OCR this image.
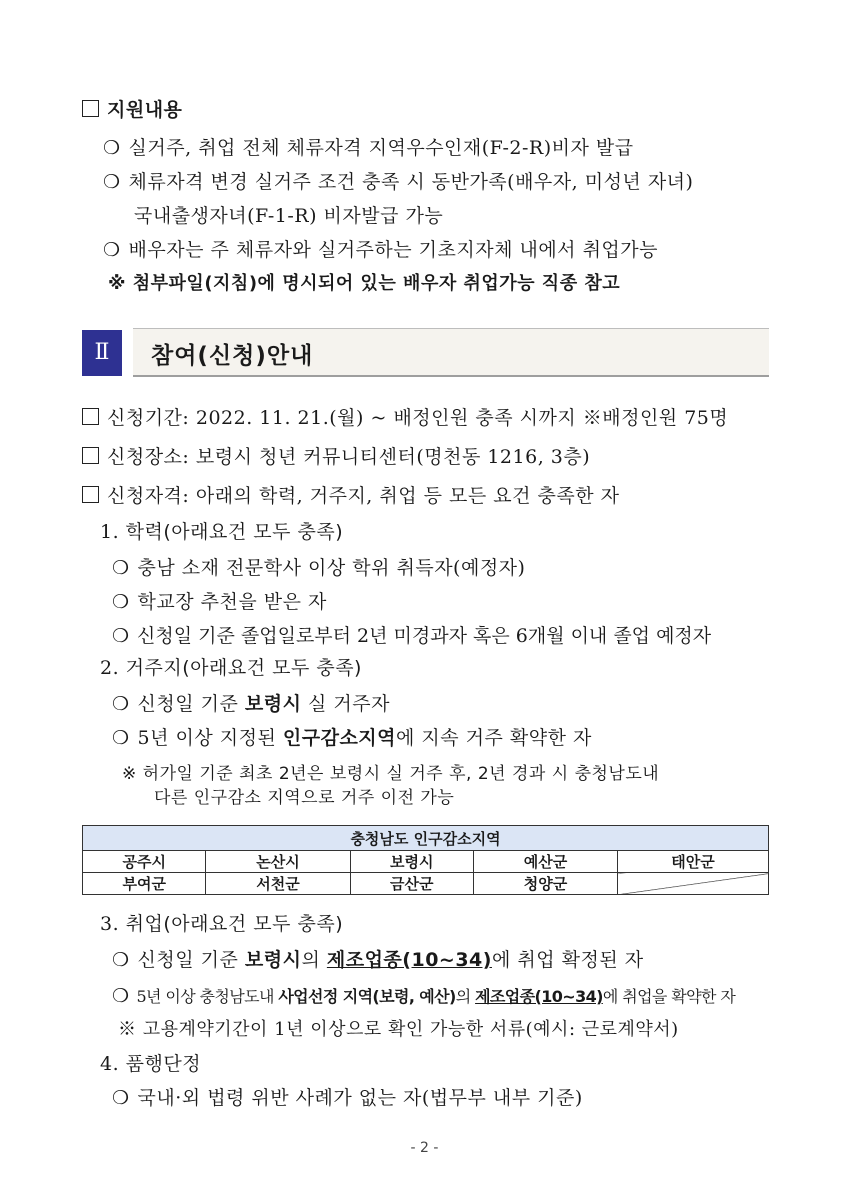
지원내용
❍ 실거주, 취업 전체 체류자격 지역우수인재(F-2-R)비자 발급
❍ 체류자격 변경 실거주 조건 충족 시 동반가족(배우자, 미성년 자녀)
국내출생자녀(F-1-R) 비자발급 가능
❍ 배우자는 주 체류자와 실거주하는 기초지자체 내에서 취업가능
※ 첨부파일(지침)에 명시되어 있는 배우자 취업가능 직종 참고
Ⅱ	참여(신청)안내
신청기간: 2022. 11. 21.(월) ~ 배정인원 충족 시까지 ※배정인원 75명
신청장소: 보령시 청년 커뮤니티센터(명천동 1216, 3층)
신청자격: 아래의 학력, 거주지, 취업 등 모든 요건 충족한 자
1. 학력(아래요건 모두 충족)
❍ 충남 소재 전문학사 이상 학위 취득자(예정자)
❍ 학교장 추천을 받은 자
❍ 신청일 기준 졸업일로부터 2년 미경과자 혹은 6개월 이내 졸업 예정자
2. 거주지(아래요건 모두 충족)
❍ 신청일 기준 보령시 실 거주자
❍ 5년 이상 지정된 인구감소지역에 지속 거주 확약한 자
※ 허가일 기준 최초 2년은 보령시 실 거주 후, 2년 경과 시 충청남도내
다른 인구감소 지역으로 거주 이전 가능
충청남도 인구감소지역				
공주시	논산시	보령시	예산군	태안군
부여군	서천군	금산군	청양군	
3. 취업(아래요건 모두 충족)
❍ 신청일 기준 보령시의 제조업종(10~34)에 취업 확정된 자
❍ 5년 이상 충청남도내 사업선정 지역(보령, 예산)의 제조업종(10~34)에 취업을 확약한 자
※ 고용계약기간이 1년 이상으로 확인 가능한 서류(예시: 근로계약서)
4. 품행단정
❍ 국내·외 법령 위반 사례가 없는 자(법무부 내부 기준)
- 2 -
